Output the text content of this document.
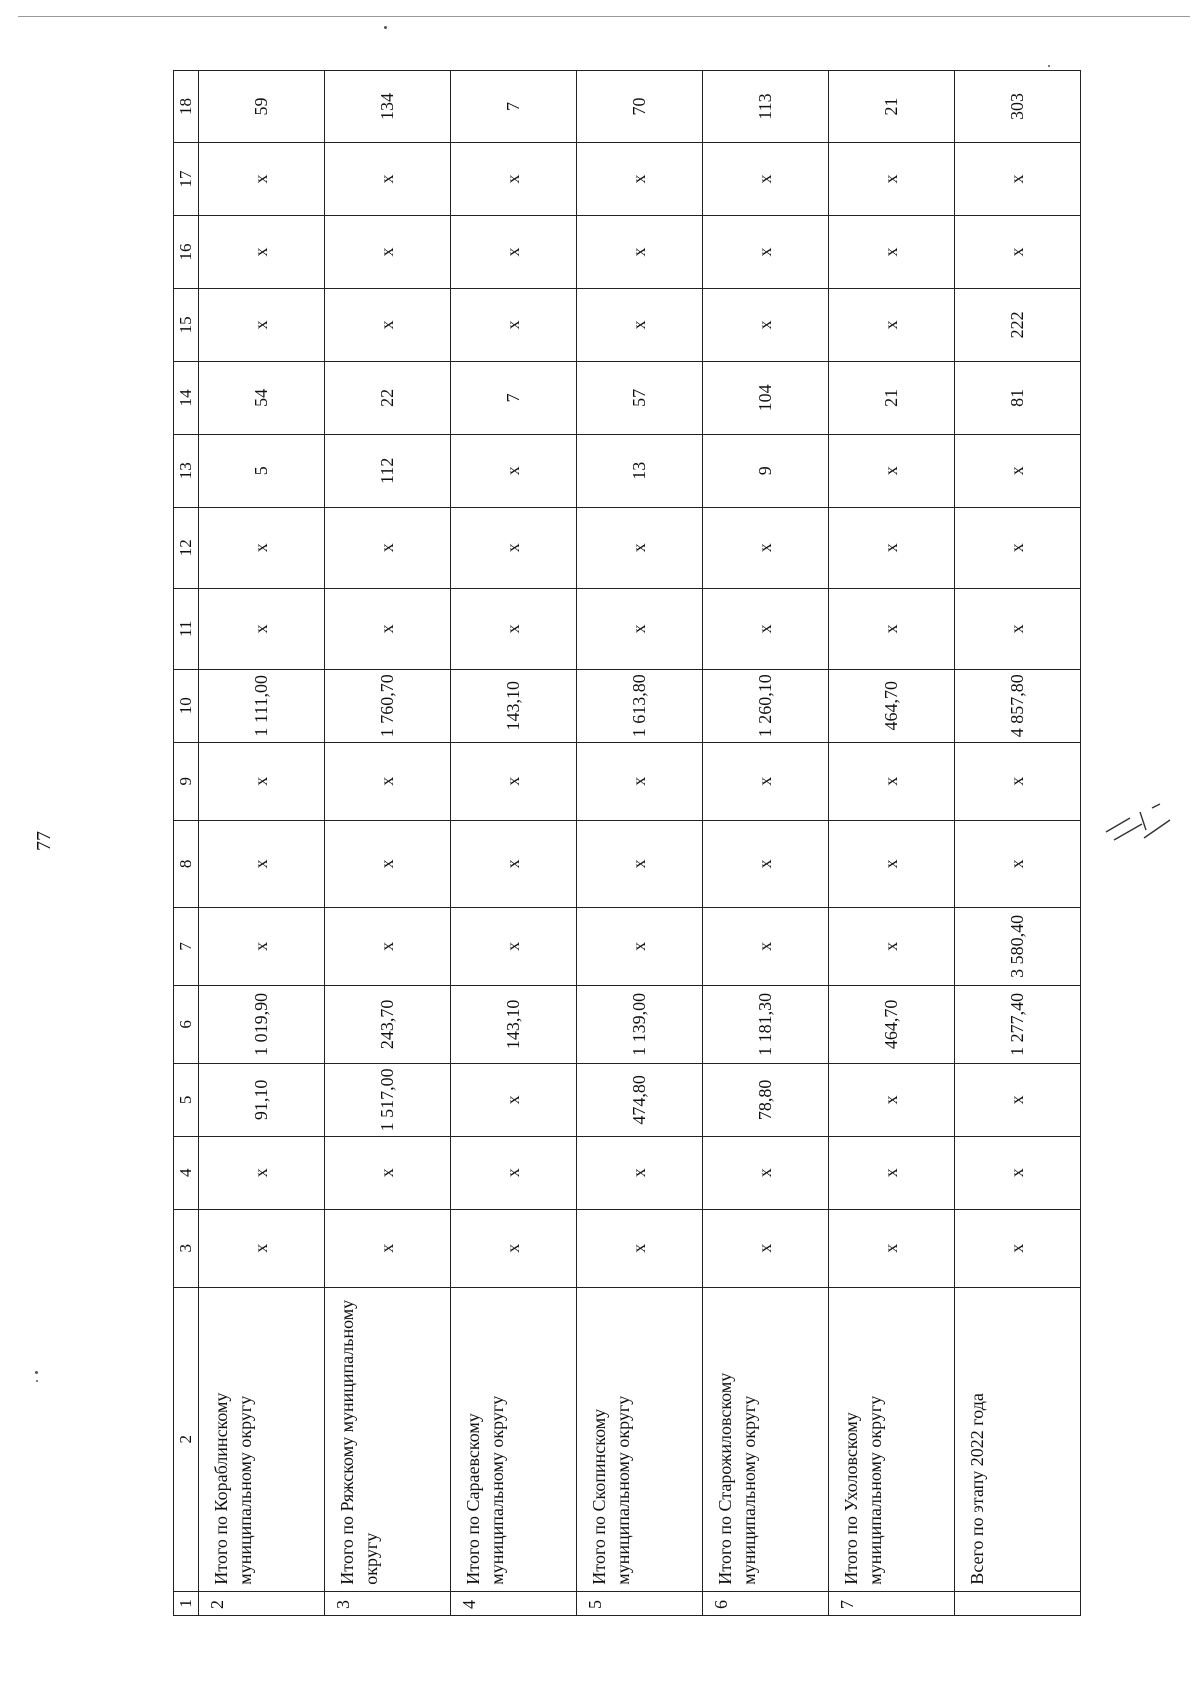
77
1	2	3	4	5	6	7	8	9	10	11	12	13	14	15	16	17	18
2	Итого по Кораблинскому муниципальному округу	х	х	91,10	1 019,90	х	х	х	1 111,00	х	х	5	54	х	х	х	59
3	Итого по Ряжскому муниципальному округу	х	х	1 517,00	243,70	х	х	х	1 760,70	х	х	112	22	х	х	х	134
4	Итого по Сараевскому муниципальному округу	х	х	х	143,10	х	х	х	143,10	х	х	х	7	х	х	х	7
5	Итого по Скопинскому муниципальному округу	х	х	474,80	1 139,00	х	х	х	1 613,80	х	х	13	57	х	х	х	70
6	Итого по Старожиловскому муниципальному округу	х	х	78,80	1 181,30	х	х	х	1 260,10	х	х	9	104	х	х	х	113
7	Итого по Ухоловскому муниципальному округу	х	х	х	464,70	х	х	х	464,70	х	х	х	21	х	х	х	21
	Всего по этапу 2022 года	х	х	х	1 277,40	3 580,40	х	х	4 857,80	х	х	х	81	222	х	х	303
